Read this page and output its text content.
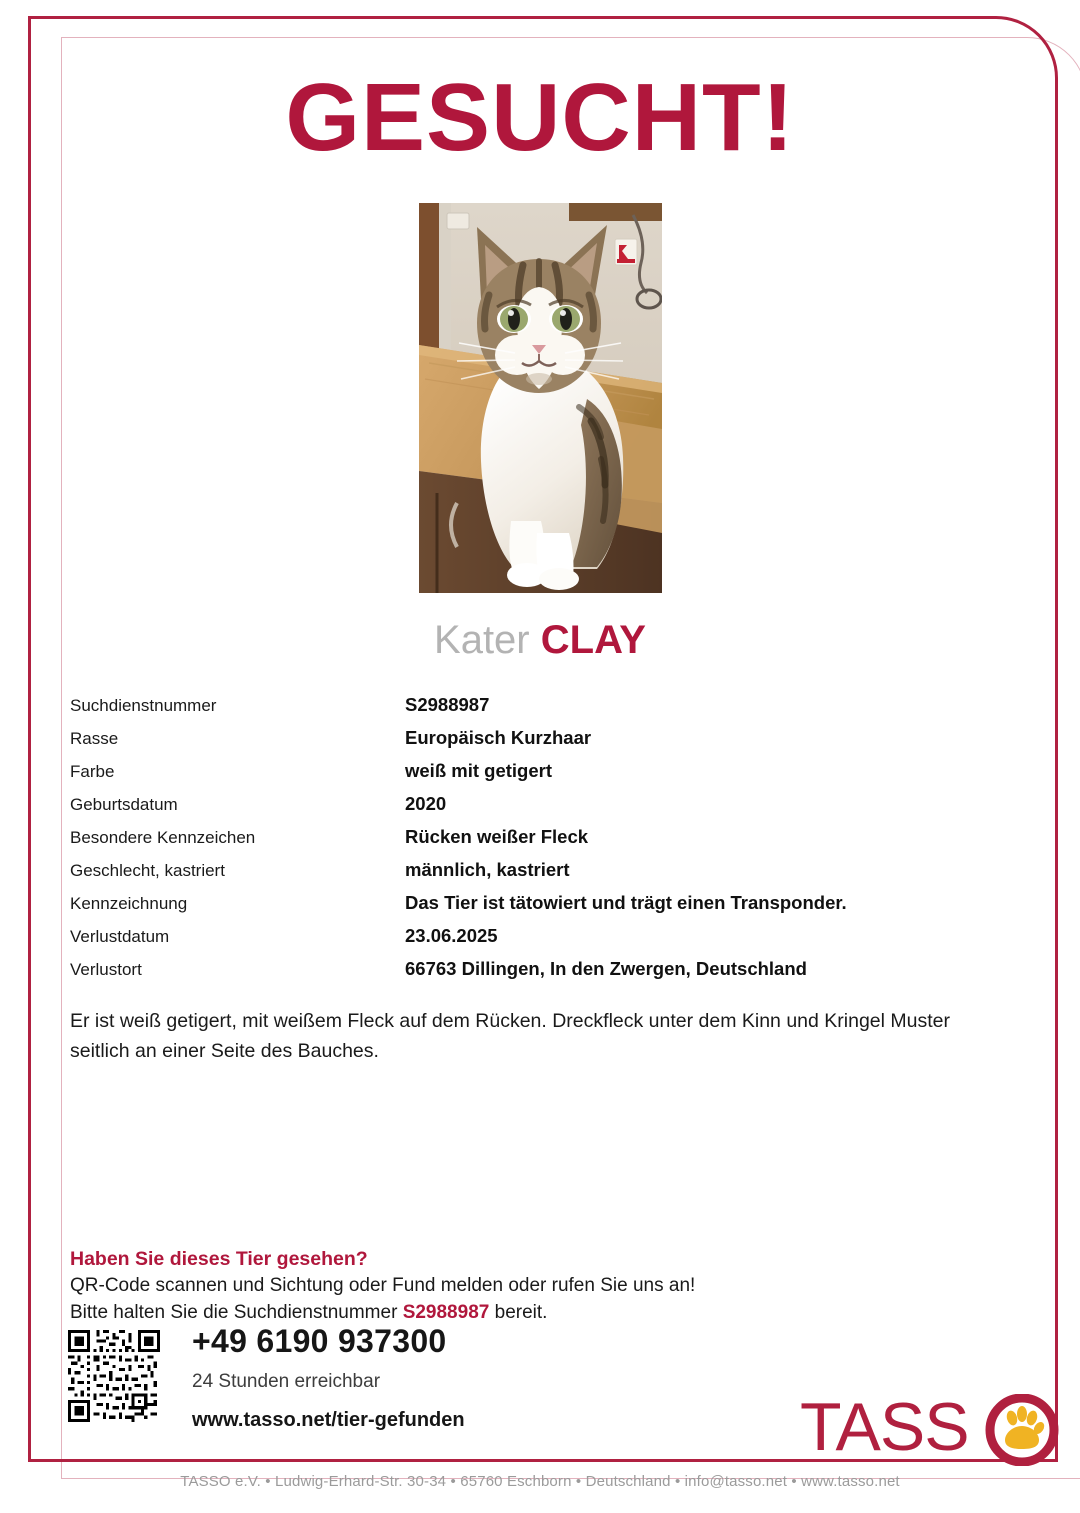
GESUCHT!
Kater CLAY
Suchdienstnummer	S2988987
Rasse	Europäisch Kurzhaar
Farbe	weiß mit getigert
Geburtsdatum	2020
Besondere Kennzeichen	Rücken weißer Fleck
Geschlecht, kastriert	männlich, kastriert
Kennzeichnung	Das Tier ist tätowiert und trägt einen Transponder.
Verlustdatum	23.06.2025
Verlustort	66763 Dillingen, In den Zwergen, Deutschland
Er ist weiß getigert, mit weißem Fleck auf dem Rücken. Dreckfleck unter dem Kinn und Kringel Muster seitlich an einer Seite des Bauches.
Haben Sie dieses Tier gesehen?
QR-Code scannen und Sichtung oder Fund melden oder rufen Sie uns an!
Bitte halten Sie die Suchdienstnummer S2988987 bereit.
+49 6190 937300
24 Stunden erreichbar
www.tasso.net/tier-gefunden	TASS
TASSO e.V. • Ludwig-Erhard-Str. 30-34 • 65760 Eschborn • Deutschland • info@tasso.net • www.tasso.net
